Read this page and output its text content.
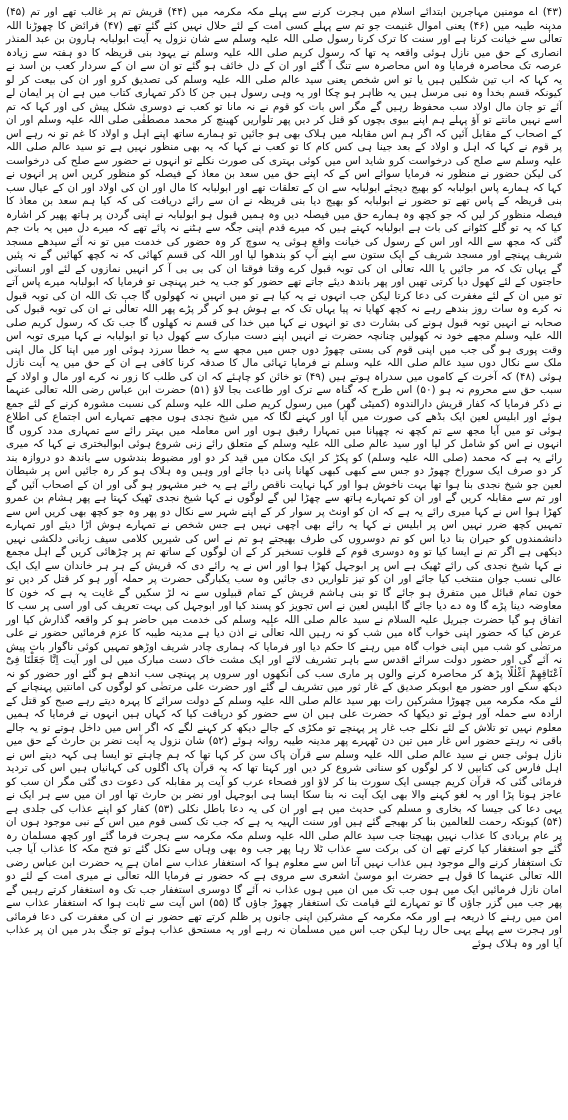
(۴۳) اے مومنین مہاجرین ابتدائے اسلام میں ہجرت کرنے سے پہلے مکہ مکرمہ میں (۴۴) قریش تم پر غالب تھے اور تم (۴۵) مدینہ طیبہ میں (۴۶) یعنی اموال غنیمت جو تم سے پہلے کسی امت کے لئے حلال نہیں کئے گئے تھے (۴۷) فرائض کا چھوڑنا اللہ تعالٰی سے خیانت کرنا ہے اور سنت کا ترک کرنا رسول صلی اللہ علیہ وسلم سے شان نزول یہ آیت ابولبابہ ہارون بن عبد المنذر انصاری کے حق میں نازل ہوئی واقعہ یہ تھا کہ رسول کریم صلی اللہ علیہ وسلم نے یہود بنی قریظہ کا دو ہفتہ سے زیادہ عرصہ تک محاصرہ فرمایا وہ اس محاصرہ سے تنگ آ گئے اور ان کے دل خائف ہو گئے تو ان سے ان کے سردار کعب بن اسد نے یہ کہا کہ اب تین شکلیں ہیں یا تو اس شخص یعنی سید عالم صلی اللہ علیہ وسلم کی تصدیق کرو اور ان کی بیعت کر لو کیونکہ قسم بخدا وہ نبی مرسل ہیں یہ ظاہر ہو چکا اور یہ وہی رسول ہیں جن کا ذکر تمہاری کتاب میں ہے ان پر ایمان لے آئے تو جان مال اولاد سب محفوظ رہیں گے مگر اس بات کو قوم نے نہ مانا تو کعب نے دوسری شکل پیش کی اور کہا کہ تم اسے نہیں مانتے تو آؤ پہلے ہم اپنے بیوی بچوں کو قتل کر دیں پھر تلواریں کھینچ کر محمد مصطفٰی صلی اللہ علیہ وسلم اور ان کے اصحاب کے مقابل آئیں کہ اگر ہم اس مقابلہ میں ہلاک بھی ہو جائیں تو ہمارے ساتھ اپنے اہل و اولاد کا غم تو نہ رہے اس پر قوم نے کہا کہ اہل و اولاد کے بعد جینا ہی کس کام کا تو کعب نے کہا کہ یہ بھی منظور نہیں ہے تو سید عالم صلی اللہ علیہ وسلم سے صلح کی درخواست کرو شاید اس میں کوئی بہتری کی صورت نکلے تو انہوں نے حضور سے صلح کی درخواست کی لیکن حضور نے منظور نہ فرمایا سوائے اس کے کہ اپنے حق میں سعد بن معاذ کے فیصلہ کو منظور کریں اس پر انہوں نے کہا کہ ہمارے پاس ابولبابہ کو بھیج دیجئے ابولبابہ سے ان کے تعلقات تھے اور ابولبابہ کا مال اور ان کی اولاد اور ان کے عیال سب بنی قریظہ کے پاس تھے تو حضور نے ابولبابہ کو بھیج دیا بنی قریظہ نے ان سے رائے دریافت کی کہ کیا ہم سعد بن معاذ کا فیصلہ منظور کر لیں کہ جو کچھ وہ ہمارے حق میں فیصلہ دیں وہ ہمیں قبول ہو ابولبابہ نے اپنی گردن پر ہاتھ پھیر کر اشارہ کیا کہ یہ تو گلے کٹوانے کی بات ہے ابولبابہ کہتے ہیں کہ میرے قدم اپنی جگہ سے ہٹنے نہ پائے تھے کہ میرے دل میں یہ بات جم گئی کہ مجھ سے اللہ اور اس کے رسول کی خیانت واقع ہوئی یہ سوچ کر وہ حضور کی خدمت میں تو نہ آئے سیدھے مسجد شریف پہنچے اور مسجد شریف کے ایک ستون سے اپنے آپ کو بندھوا لیا اور اللہ کی قسم کھائی کہ نہ کچھ کھائیں گے نہ پئیں گے یہاں تک کہ مر جائیں یا اللہ تعالٰی ان کی توبہ قبول کرے وقتا فوقتا ان کی بی بی آ کر انہیں نمازوں کے لئے اور انسانی حاجتوں کے لئے کھول دیا کرتی تھیں اور پھر باندھ دیئے جاتے تھے حضور کو جب یہ خبر پہنچی تو فرمایا کہ ابولبابہ میرے پاس آتے تو میں ان کے لئے مغفرت کی دعا کرتا لیکن جب انہوں نے یہ کیا ہے تو میں انہیں نہ کھولوں گا جب تک اللہ ان کی توبہ قبول نہ کرے وہ سات روز بندھے رہے نہ کچھ کھایا نہ پیا یہاں تک کہ بے ہوش ہو کر گر پڑے پھر اللہ تعالٰی نے ان کی توبہ قبول کی صحابہ نے انہیں توبہ قبول ہونے کی بشارت دی تو انہوں نے کہا میں خدا کی قسم نہ کھلوں گا جب تک کہ رسول کریم صلی اللہ علیہ وسلم مجھے خود نہ کھولیں چنانچہ حضرت نے انہیں اپنے دست مبارک سے کھول دیا تو ابولبابہ نے کہا میری توبہ اس وقت پوری ہو گی جب میں اپنی قوم کی بستی چھوڑ دوں جس میں مجھ سے یہ خطا سرزد ہوئی اور میں اپنا کل مال اپنی ملک سے نکال دوں سید عالم صلی اللہ علیہ وسلم نے فرمایا تہائی مال کا صدقہ کرنا کافی ہے ان کے حق میں یہ آیت نازل ہوئی (۴۸) کہ آخرت کے کاموں میں سدراہ ہوتے ہیں (۴۹) تو خائن کو چاہئے کہ ان کی طلب کا زور نہ کرے اور مال و اولاد کے سبب حق سے محروم نہ ہو (۵۰) اس طرح کہ گناہ سے ترک اور طاعت بجا لاؤ (۵۱) حضرت ابن عباس رضی اللہ تعالٰی عنہما نے ذکر فرمایا کہ کفار قریش دارالندوہ (کمیٹی گھر) میں رسول کریم صلی اللہ علیہ وسلم کی نسبت مشورہ کرنے کے لئے جمع ہوئے اور ابلیس لعین ایک بڈھے کی صورت میں آیا اور کہنے لگا کہ میں شیخ نجدی ہوں مجھے تمہارے اس اجتماع کی اطلاع ہوئی تو میں آیا مجھ سے تم کچھ نہ چھپانا میں تمہارا رفیق ہوں اور اس معاملہ میں بہتر رائے سے تمہاری مدد کروں گا انہوں نے اس کو شامل کر لیا اور سید عالم صلی اللہ علیہ وسلم کے متعلق رائے زنی شروع ہوئی ابوالبختری نے کہا کہ میری رائے یہ ہے کہ محمد (صلی اللہ علیہ وسلم) کو پکڑ کر ایک مکان میں قید کر دو اور مضبوط بندشوں سے باندھ دو دروازہ بند کر دو صرف ایک سوراخ چھوڑ دو جس سے کبھی کبھی کھانا پانی دیا جائے اور وہیں وہ ہلاک ہو کر رہ جائیں اس پر شیطان لعین جو شیخ نجدی بنا ہوا تھا بہت ناخوش ہوا اور کہا نہایت ناقص رائے ہے یہ خبر مشہور ہو گی اور ان کے اصحاب آئیں گے اور تم سے مقابلہ کریں گے اور ان کو تمہارے ہاتھ سے چھڑا لیں گے لوگوں نے کہا شیخ نجدی ٹھیک کہتا ہے پھر ہشام بن عمرو کھڑا ہوا اس نے کہا میری رائے یہ ہے کہ ان کو اونٹ پر سوار کر کے اپنے شہر سے نکال دو پھر وہ جو کچھ بھی کریں اس سے تمہیں کچھ ضرر نہیں اس پر ابلیس نے کہا یہ رائے بھی اچھی نہیں ہے جس شخص نے تمہارے ہوش اڑا دیئے اور تمہارے دانشمندوں کو حیران بنا دیا اس کو تم دوسروں کی طرف بھیجتے ہو تم نے اس کی شیریں کلامی سیف زبانی دلکشی نہیں دیکھی ہے اگر تم نے ایسا کیا تو وہ دوسری قوم کے قلوب تسخیر کر کے ان لوگوں کے ساتھ تم پر چڑھائی کریں گے اہل مجمع نے کہا شیخ نجدی کی رائے ٹھیک ہے اس پر ابوجہل کھڑا ہوا اور اس نے یہ رائے دی کہ قریش کے ہر ہر خاندان سے ایک ایک عالی نسب جوان منتخب کیا جائے اور ان کو تیز تلواریں دی جائیں وہ سب یکبارگی حضرت پر حملہ آور ہو کر قتل کر دیں تو خون تمام قبائل میں متفرق ہو جائے گا تو بنی ہاشم قریش کے تمام قبیلوں سے نہ لڑ سکیں گے غایت یہ ہے کہ خون کا معاوضہ دینا پڑے گا وہ دے دیا جائے گا ابلیس لعین نے اس تجویز کو پسند کیا اور ابوجہل کی بہت تعریف کی اور اسی پر سب کا اتفاق ہو گیا حضرت جبریل علیہ السلام نے سید عالم صلی اللہ علیہ وسلم کی خدمت میں حاضر ہو کر واقعہ گذارش کیا اور عرض کیا کہ حضور اپنی خواب گاہ میں شب کو نہ رہیں اللہ تعالٰی نے اذن دیا ہے مدینہ طیبہ کا عزم فرمائیں حضور نے علی مرتضٰی کو شب میں اپنی خواب گاہ میں رہنے کا حکم دیا اور فرمایا کہ ہماری چادر شریف اوڑھو تمہیں کوئی ناگوار بات پیش نہ آئے گی اور حضور دولت سرائے اقدس سے باہر تشریف لائے اور ایک مشت خاک دست مبارک میں لی اور آیت اِنَّا جَعَلْنَا فِیْٓ اَعْنَاقِھِمْ اَغْلٰلًا پڑھ کر محاصرہ کرنے والوں پر ماری سب کی آنکھوں اور سروں پر پہنچی سب اندھے ہو گئے اور حضور کو نہ دیکھ سکے اور حضور مع ابوبکر صدیق کے غار ثور میں تشریف لے گئے اور حضرت علی مرتضٰی کو لوگوں کی امانتیں پہنچانے کے لئے مکہ مکرمہ میں چھوڑا مشرکین رات بھر سید عالم صلی اللہ علیہ وسلم کے دولت سرائے کا پہرہ دیتے رہے صبح کو قتل کے ارادہ سے حملہ آور ہوئے تو دیکھا کہ حضرت علی ہیں ان سے حضور کو دریافت کیا کہ کہاں ہیں انہوں نے فرمایا کہ ہمیں معلوم نہیں تو تلاش کے لئے نکلے جب غار پر پہنچے تو مکڑی کے جالے دیکھ کر کہنے لگے کہ اگر اس میں داخل ہوتے تو یہ جالے باقی نہ رہتے حضور اس غار میں تین دن ٹھہرے پھر مدینہ طیبہ روانہ ہوئے (۵۲) شان نزول یہ آیت نضر بن حارث کے حق میں نازل ہوئی جس نے سید عالم صلی اللہ علیہ وسلم سے قرآن پاک سن کر کہا تھا کہ ہم چاہتے تو ایسا ہی کہہ دیتے اس نے اہل فارس کی کتابیں لا کر لوگوں کو سنانی شروع کر دیں اور کہتا تھا کہ یہ قرآن پاک اگلوں کی کہانیاں ہیں اس کی تردید فرمائی گئی کہ قرآن کریم جیسی ایک سورت بنا کر لاؤ اور فصحاء عرب کو آیت پر مقابلہ کی دعوت دی گئی مگر ان سب کو عاجز ہونا پڑا اور یہ لغو کہنے والا بھی ایک آیت نہ بنا سکا ایسا ہی ابوجہل اور نضر بن حارث تھا اور ان میں سے ہر ایک نے یہی دعا کی جیسا کہ بخاری و مسلم کی حدیث میں ہے اور ان کی یہ دعا باطل نکلی (۵۳) کفار کو اپنے عذاب کی جلدی ہے (۵۴) کیونکہ رحمت للعالمین بنا کر بھیجے گئے ہیں اور سنت الٰہیہ یہ ہے کہ جب تک کسی قوم میں اس کے نبی موجود ہوں ان پر عام بربادی کا عذاب نہیں بھیجتا جب سید عالم صلی اللہ علیہ وسلم مکہ مکرمہ سے ہجرت فرما گئے اور کچھ مسلمان رہ گئے جو استغفار کیا کرتے تھے ان کی برکت سے عذاب ٹلا رہا پھر جب وہ بھی وہاں سے نکل گئے تو فتح مکہ کا عذاب آیا جب تک استغفار کرنے والے موجود ہیں عذاب نہیں آتا اس سے معلوم ہوا کہ استغفار عذاب سے امان ہے یہ حضرت ابن عباس رضی اللہ تعالٰی عنہما کا قول ہے حضرت ابو موسیٰ اشعری سے مروی ہے کہ حضور نے فرمایا اللہ تعالٰی نے میری امت کے لئے دو امان نازل فرمائیں ایک میں ہوں جب تک میں ان میں ہوں عذاب نہ آئے گا دوسری استغفار جب تک وہ استغفار کرتے رہیں گے پھر جب میں گزر جاؤں گا تو تمہارے لئے قیامت تک استغفار چھوڑ جاؤں گا (۵۵) اس آیت سے ثابت ہوا کہ استغفار عذاب سے امن میں رہنے کا ذریعہ ہے اور مکہ مکرمہ کے مشرکین اپنی جانوں پر ظلم کرتے تھے حضور نے ان کی مغفرت کی دعا فرمائی اور ہجرت سے پہلے یہی حال رہا لیکن جب اس میں مسلمان نہ رہے اور یہ مستحق عذاب ہوئے تو جنگ بدر میں ان پر عذاب آیا اور وہ ہلاک ہوئے
